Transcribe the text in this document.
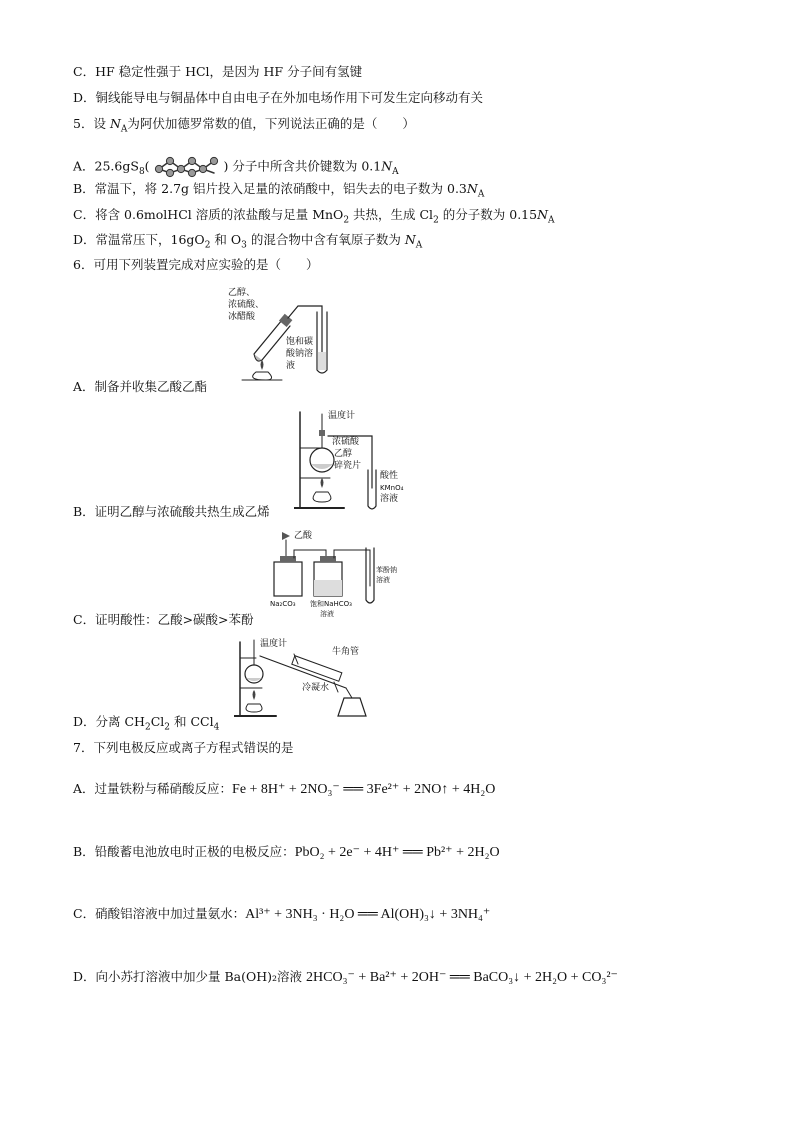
C．HF 稳定性强于 HCl，是因为 HF 分子间有氢键
D．铜线能导电与铜晶体中自由电子在外加电场作用下可发生定向移动有关
5．设 $N_A$为阿伏加德罗常数的值，下列说法正确的是（　　）
A．$25.6gS_8$(	) 分子中所含共价键数为 $0.1N_A$
B．常温下，将 2.7g 铝片投入足量的浓硝酸中，铝失去的电子数为 $0.3N_A$
C．将含 0.6molHCl 溶质的浓盐酸与足量 MnO$_2$ 共热，生成 $Cl_2$ 的分子数为 $0.15N_A$
D．常温常压下，$16gO_2$ 和 $O_3$ 的混合物中含有氧原子数为 $N_A$
6．可用下列装置完成对应实验的是（　　）
乙醇、
浓硫酸、
冰醋酸
饱和碳
酸钠溶
液
A．制备并收集乙酸乙酯
温度计
浓硫酸
乙醇
碎瓷片
酸性
KMnO₄
溶液
B．证明乙醇与浓硫酸共热生成乙烯
乙酸
Na₂CO₃ 饱和NaHCO₃
溶液
苯酚钠
溶液
C．证明酸性：乙酸>碳酸>苯酚
温度计
冷凝水
牛角管
D．分离 $CH_2Cl_2$ 和 CCl$_4$
7．下列电极反应或离子方程式错误的是
A．过量铁粉与稀硝酸反应：Fe + 8H⁺ + 2NO₃⁻ ══ 3Fe²⁺ + 2NO↑ + 4H₂O
B．铅酸蓄电池放电时正极的电极反应：PbO₂ + 2e⁻ + 4H⁺ ══ Pb²⁺ + 2H₂O
C．硝酸铝溶液中加过量氨水：Al³⁺ + 3NH₃ · H₂O ══ Al(OH)₃↓ + 3NH₄⁺
D．向小苏打溶液中加少量 Ba(OH)₂溶液 2HCO₃⁻ + Ba²⁺ + 2OH⁻ ══ BaCO₃↓ + 2H₂O + CO₃²⁻
